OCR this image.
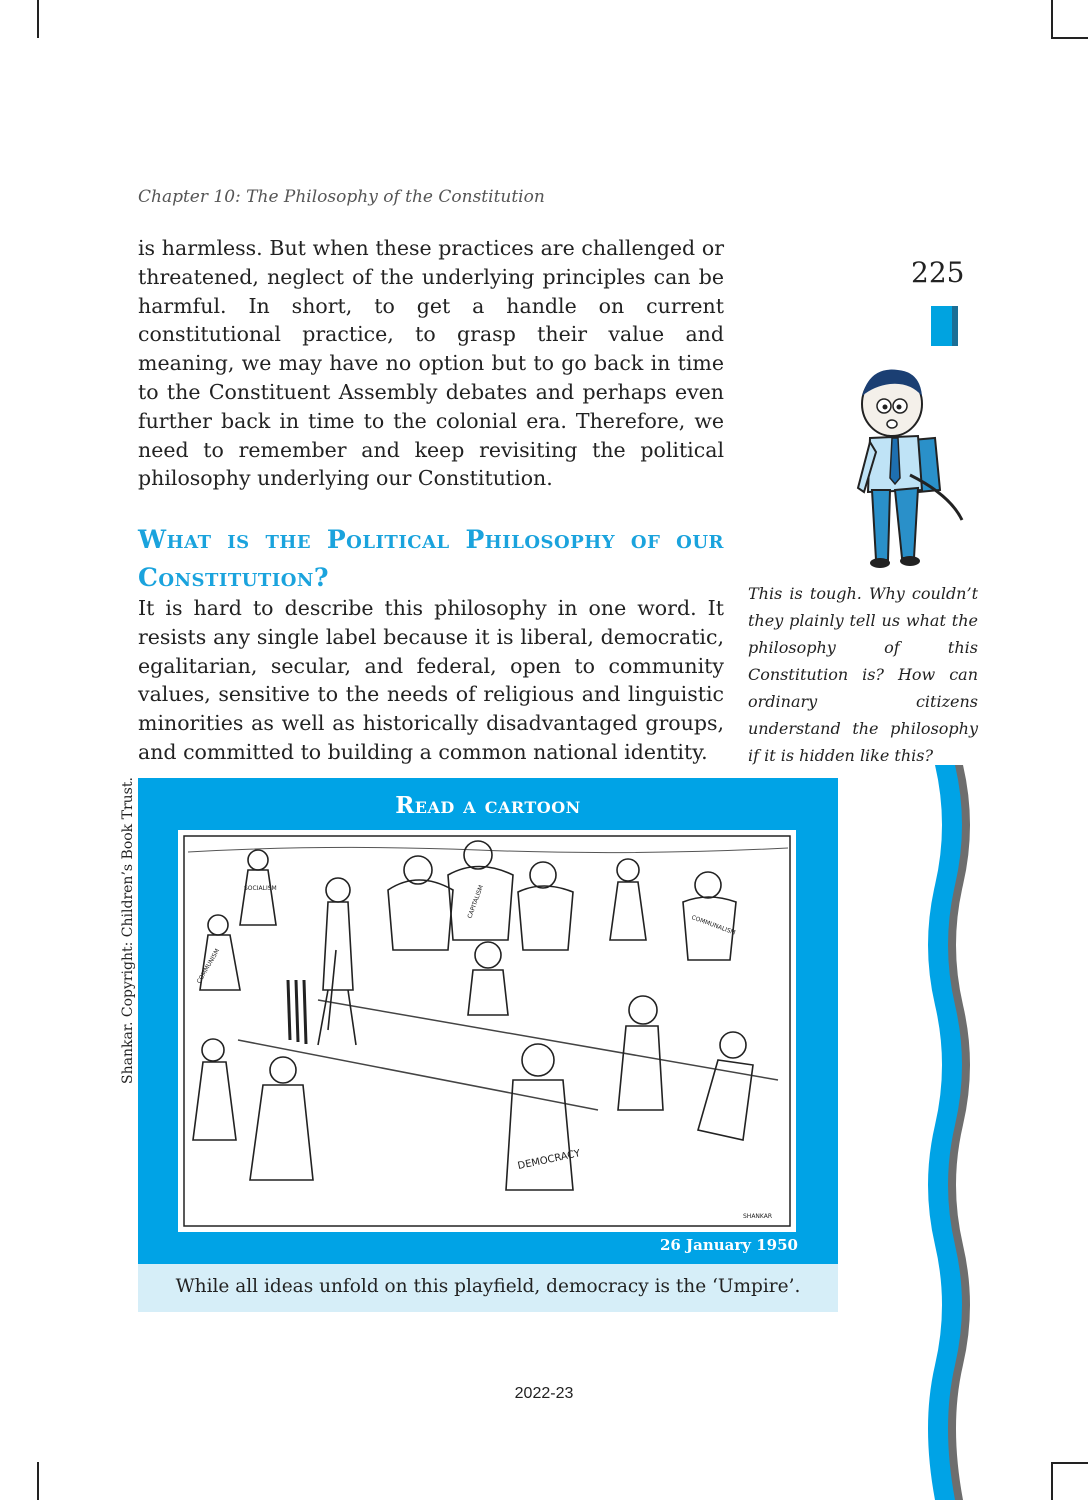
Chapter 10: The Philosophy of the Constitution
225

is harmless. But when these practices are challenged or threatened, neglect of the underlying principles can be harmful. In short, to get a handle on current constitutional practice, to grasp their value and meaning, we may have no option but to go back in time to the Constituent Assembly debates and perhaps even further back in time to the colonial era. Therefore, we need to remember and keep revisiting the political philosophy underlying our Constitution.

What is the Political Philosophy of our Constitution?

It is hard to describe this philosophy in one word. It resists any single label because it is liberal, democratic, egalitarian, secular, and federal, open to community values, sensitive to the needs of religious and linguistic minorities as well as historically disadvantaged groups, and committed to building a common national identity.

This is tough. Why couldn’t they plainly tell us what the philosophy of this Constitution is? How can ordinary citizens understand the philosophy if it is hidden like this?
Shankar. Copyright: Children’s Book Trust.	Read a cartoon
DEMOCRACY
COMMUNISM
SOCIALISM	CAPITALISM
COMMUNALISM
SHANKAR
26 January 1950
While all ideas unfold on this playfield, democracy is the ‘Umpire’.
2022-23
